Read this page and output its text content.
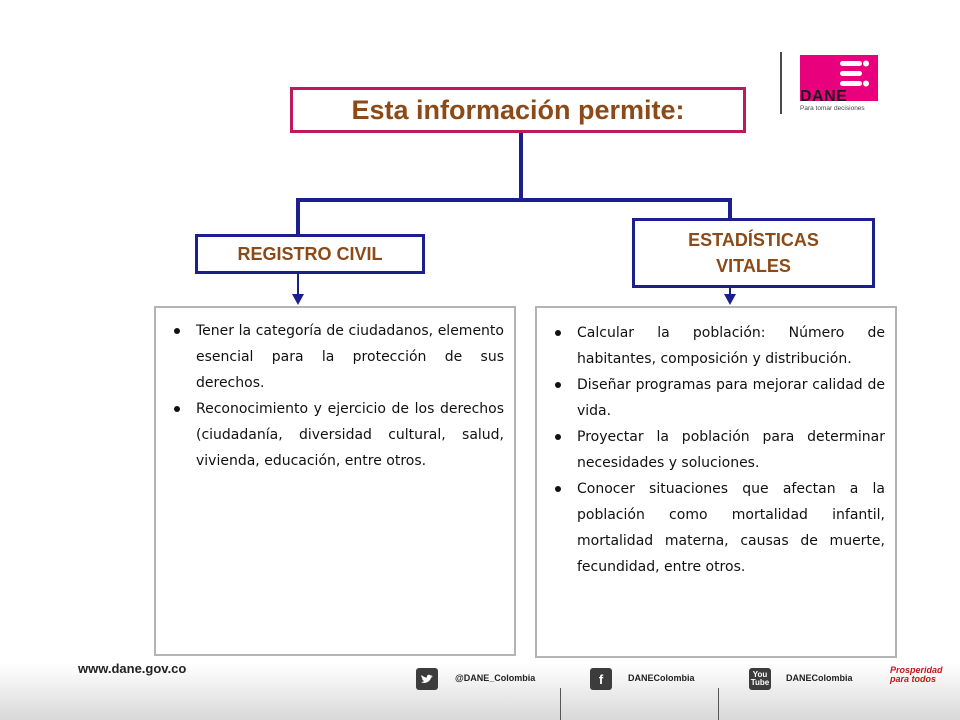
DANE
Para tomar decisiones
Esta información permite:
REGISTRO CIVIL
ESTADÍSTICAS VITALES
Tener la categoría de ciudadanos, elemento esencial para la protección de sus derechos.
Reconocimiento y ejercicio de los derechos (ciudadanía, diversidad cultural, salud, vivienda, educación, entre otros.
Calcular la población: Número de habitantes, composición y distribución.
Diseñar programas para mejorar calidad de vida.
Proyectar la población para determinar necesidades y soluciones.
Conocer situaciones que afectan a la población como mortalidad infantil, mortalidad materna, causas de muerte, fecundidad, entre otros.
www.dane.gov.co
@DANE_Colombia	f	DANEColombia	You
Tube DANEColombia
Prosperidad para todos
